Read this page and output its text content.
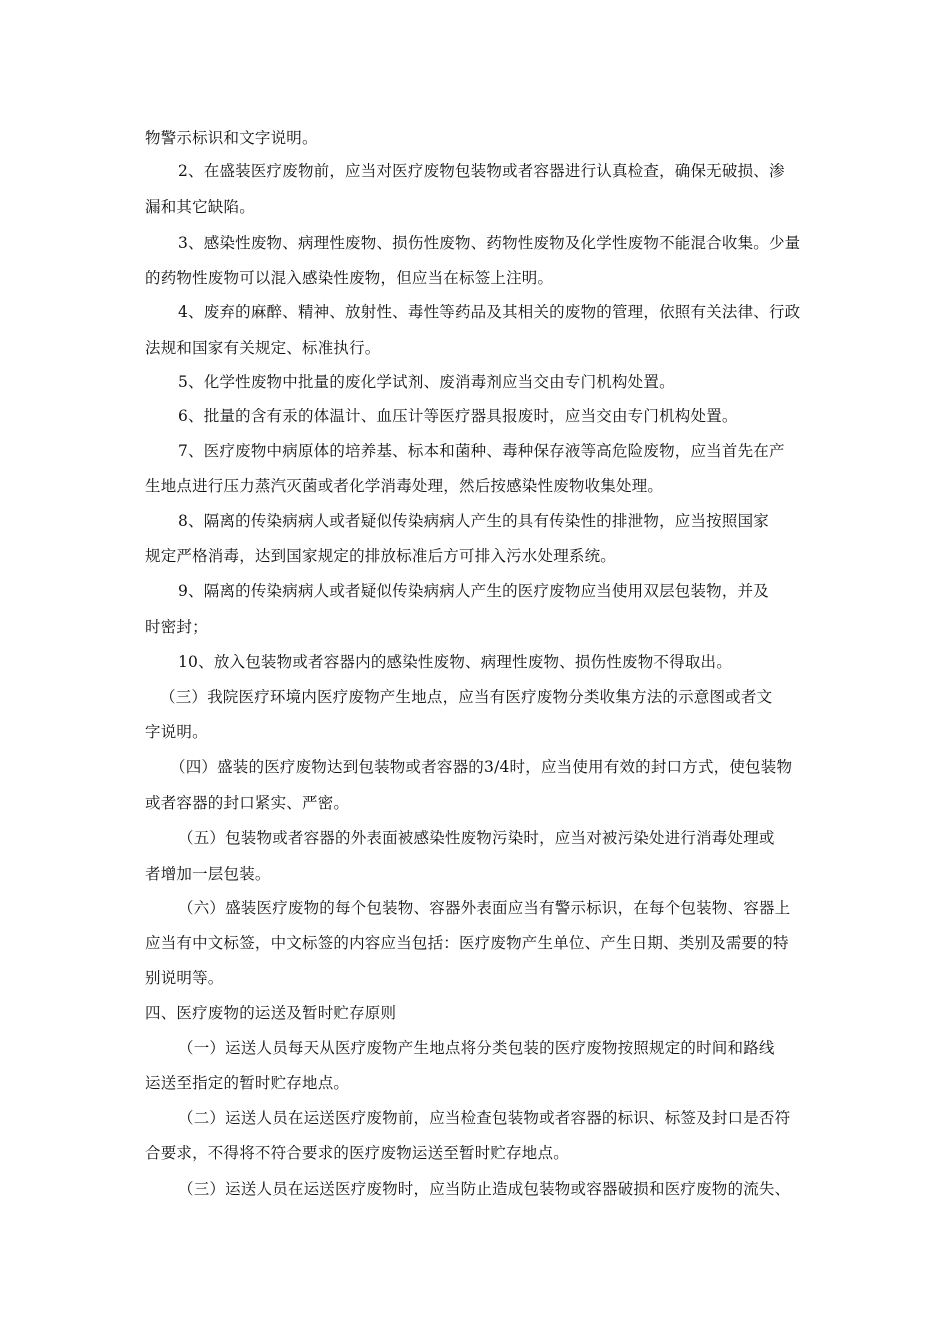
物警示标识和文字说明。
2、在盛装医疗废物前，应当对医疗废物包装物或者容器进行认真检查，确保无破损、渗
漏和其它缺陷。
3、感染性废物、病理性废物、损伤性废物、药物性废物及化学性废物不能混合收集。少量
的药物性废物可以混入感染性废物，但应当在标签上注明。
4、废弃的麻醉、精神、放射性、毒性等药品及其相关的废物的管理，依照有关法律、行政
法规和国家有关规定、标准执行。
5、化学性废物中批量的废化学试剂、废消毒剂应当交由专门机构处置。
6、批量的含有汞的体温计、血压计等医疗器具报废时，应当交由专门机构处置。
7、医疗废物中病原体的培养基、标本和菌种、毒种保存液等高危险废物，应当首先在产
生地点进行压力蒸汽灭菌或者化学消毒处理，然后按感染性废物收集处理。
8、隔离的传染病病人或者疑似传染病病人产生的具有传染性的排泄物，应当按照国家
规定严格消毒，达到国家规定的排放标准后方可排入污水处理系统。
9、隔离的传染病病人或者疑似传染病病人产生的医疗废物应当使用双层包装物，并及
时密封；
10、放入包装物或者容器内的感染性废物、病理性废物、损伤性废物不得取出。
（三）我院医疗环境内医疗废物产生地点，应当有医疗废物分类收集方法的示意图或者文
字说明。
（四）盛装的医疗废物达到包装物或者容器的3/4时，应当使用有效的封口方式，使包装物
或者容器的封口紧实、严密。
（五）包装物或者容器的外表面被感染性废物污染时，应当对被污染处进行消毒处理或
者增加一层包装。
（六）盛装医疗废物的每个包装物、容器外表面应当有警示标识，在每个包装物、容器上
应当有中文标签，中文标签的内容应当包括：医疗废物产生单位、产生日期、类别及需要的特
别说明等。
四、医疗废物的运送及暂时贮存原则
（一）运送人员每天从医疗废物产生地点将分类包装的医疗废物按照规定的时间和路线
运送至指定的暂时贮存地点。
（二）运送人员在运送医疗废物前，应当检查包装物或者容器的标识、标签及封口是否符
合要求，不得将不符合要求的医疗废物运送至暂时贮存地点。
（三）运送人员在运送医疗废物时，应当防止造成包装物或容器破损和医疗废物的流失、
